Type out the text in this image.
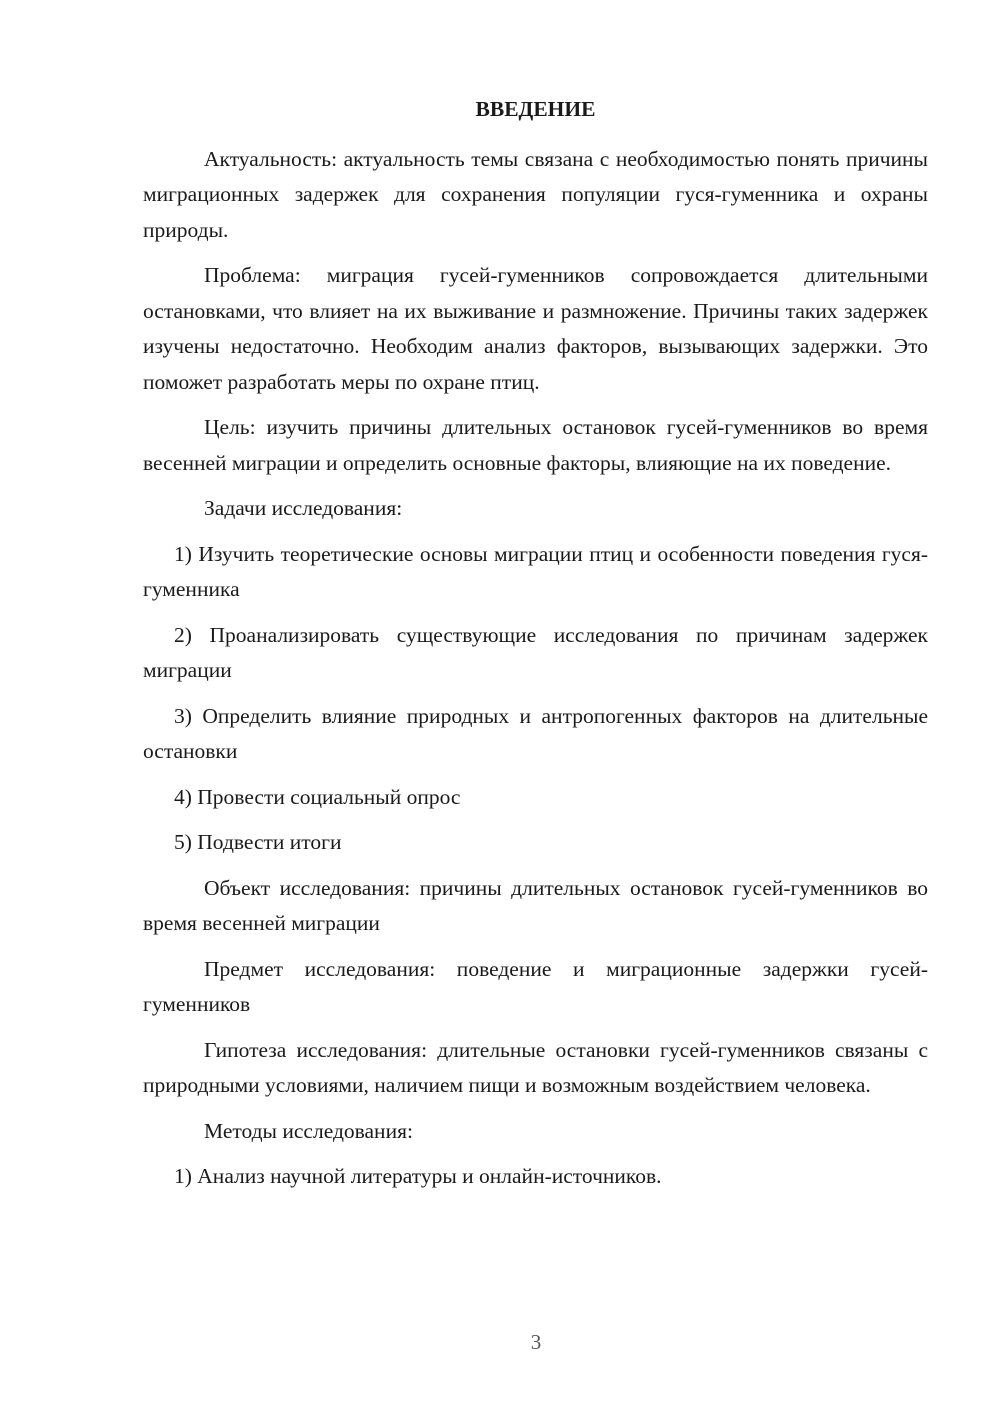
ВВЕДЕНИЕ

Актуальность: актуальность темы связана с необходимостью понять причины миграционных задержек для сохранения популяции гуся-гуменника и охраны природы.

Проблема: миграция гусей-гуменников сопровождается длительными остановками, что влияет на их выживание и размножение. Причины таких задержек изучены недостаточно. Необходим анализ факторов, вызывающих задержки. Это поможет разработать меры по охране птиц.

Цель: изучить причины длительных остановок гусей-гуменников во время весенней миграции и определить основные факторы, влияющие на их поведение.

Задачи исследования:

1) Изучить теоретические основы миграции птиц и особенности поведения гуся-гуменника

2) Проанализировать существующие исследования по причинам задержек миграции

3) Определить влияние природных и антропогенных факторов на длительные остановки

4) Провести социальный опрос

5) Подвести итоги

Объект исследования: причины длительных остановок гусей-гуменников во время весенней миграции

Предмет исследования: поведение и миграционные задержки гусей-гуменников

Гипотеза исследования: длительные остановки гусей-гуменников связаны с природными условиями, наличием пищи и возможным воздействием человека.

Методы исследования:

1) Анализ научной литературы и онлайн-источников.

3
